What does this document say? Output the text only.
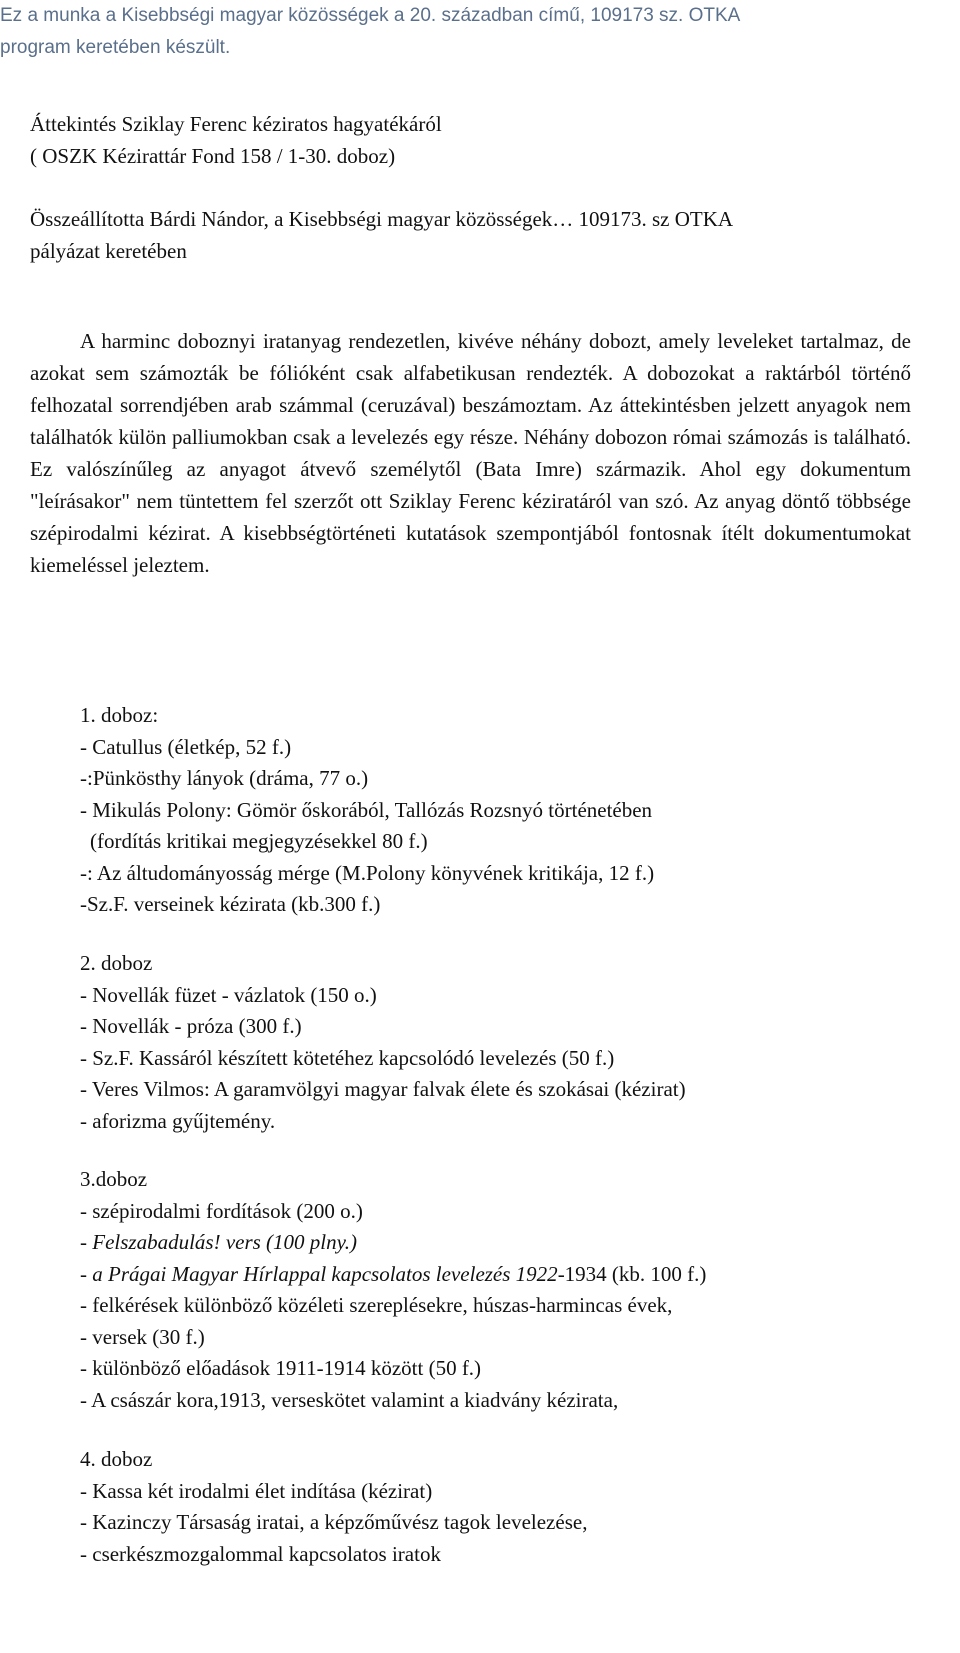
Ez a munka a Kisebbségi magyar közösségek a 20. században című, 109173 sz. OTKA
program keretében készült.
Áttekintés Sziklay Ferenc kéziratos hagyatékáról
( OSZK Kézirattár Fond 158 / 1-30. doboz)
Összeállította Bárdi Nándor, a Kisebbségi magyar közösségek… 109173. sz OTKA
pályázat keretében
A harminc doboznyi iratanyag rendezetlen, kivéve néhány dobozt, amely leveleket tartalmaz, de azokat sem számozták be fólióként csak alfabetikusan rendezték. A dobozokat a raktárból történő felhozatal sorrendjében arab számmal (ceruzával) beszámoztam. Az áttekintésben jelzett anyagok nem találhatók külön palliumokban csak a levelezés egy része. Néhány dobozon római számozás is található. Ez valószínűleg az anyagot átvevő személytől (Bata Imre) származik. Ahol egy dokumentum "leírásakor" nem tüntettem fel szerzőt ott Sziklay Ferenc kéziratáról van szó. Az anyag döntő többsége szépirodalmi kézirat. A kisebbségtörténeti kutatások szempontjából fontosnak ítélt dokumentumokat kiemeléssel jeleztem.
1. doboz:
- Catullus (életkép, 52 f.)
-:Pünkösthy lányok (dráma, 77 o.)
- Mikulás Polony: Gömör őskorából, Tallózás Rozsnyó történetében
(fordítás kritikai megjegyzésekkel 80 f.)
-: Az áltudományosság mérge (M.Polony könyvének kritikája, 12 f.)
-Sz.F. verseinek kézirata (kb.300 f.)
2. doboz
- Novellák füzet - vázlatok (150 o.)
- Novellák - próza (300 f.)
- Sz.F. Kassáról készített kötetéhez kapcsolódó levelezés (50 f.)
- Veres Vilmos: A garamvölgyi magyar falvak élete és szokásai (kézirat)
- aforizma gyűjtemény.
3.doboz
- szépirodalmi fordítások (200 o.)
- Felszabadulás! vers (100 plny.)
- a Prágai Magyar Hírlappal kapcsolatos levelezés 1922-1934 (kb. 100 f.)
- felkérések különböző közéleti szereplésekre, húszas-harmincas évek,
- versek (30 f.)
- különböző előadások 1911-1914 között (50 f.)
- A császár kora,1913, verseskötet valamint a kiadvány kézirata,
4. doboz
- Kassa két irodalmi élet indítása (kézirat)
- Kazinczy Társaság iratai, a képzőművész tagok levelezése,
- cserkészmozgalommal kapcsolatos iratok
